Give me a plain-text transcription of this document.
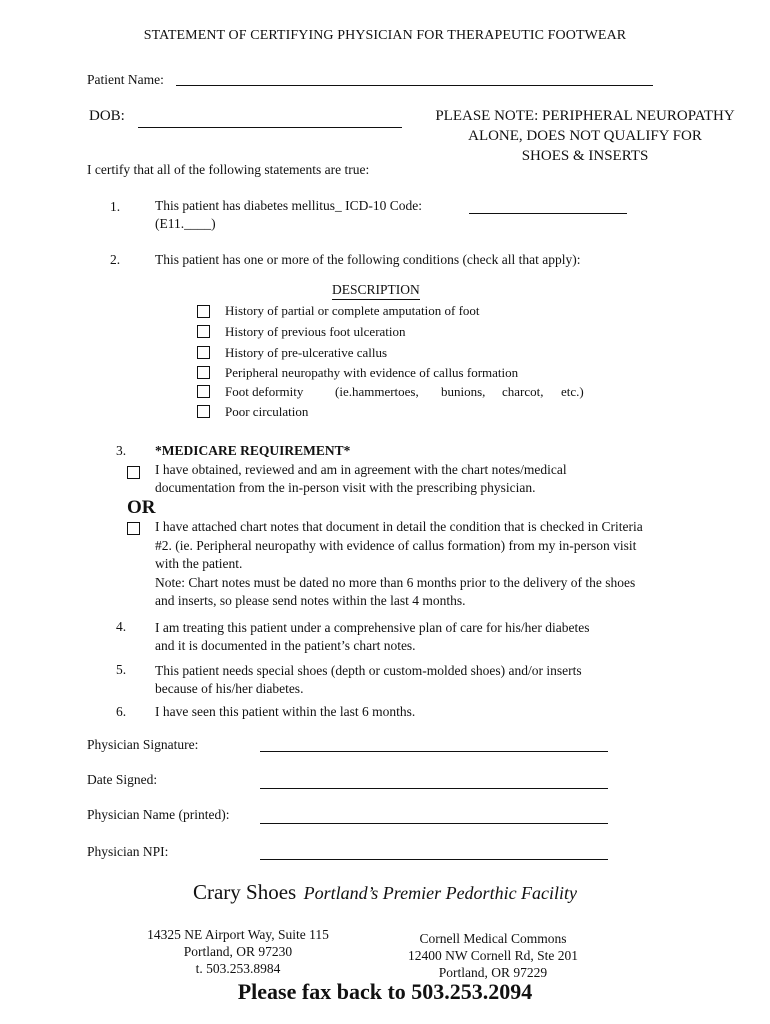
STATEMENT OF CERTIFYING PHYSICIAN FOR THERAPEUTIC FOOTWEAR
Patient Name:
DOB:	PLEASE NOTE: PERIPHERAL NEUROPATHY
ALONE, DOES NOT QUALIFY FOR
SHOES & INSERTS
I certify that all of the following statements are true:
1.	This patient has diabetes mellitus_ ICD-10 Code:
(E11.____)
2.	This patient has one or more of the following conditions (check all that apply):
DESCRIPTION
History of partial or complete amputation of foot
History of previous foot ulceration
History of pre-ulcerative callus
Peripheral neuropathy with evidence of callus formation
Foot deformity (ie.hammertoes, bunions, charcot, etc.)
Poor circulation
3. *MEDICARE REQUIREMENT*
I have obtained, reviewed and am in agreement with the chart notes/medical
documentation from the in-person visit with the prescribing physician.
OR
I have attached chart notes that document in detail the condition that is checked in Criteria
#2. (ie. Peripheral neuropathy with evidence of callus formation) from my in-person visit
with the patient.
Note: Chart notes must be dated no more than 6 months prior to the delivery of the shoes
and inserts, so please send notes within the last 4 months.
4. I am treating this patient under a comprehensive plan of care for his/her diabetes
and it is documented in the patient’s chart notes.
5. This patient needs special shoes (depth or custom-molded shoes) and/or inserts
because of his/her diabetes.
6. I have seen this patient within the last 6 months.
Physician Signature:
Date Signed:
Physician Name (printed):
Physician NPI:
Crary Shoes Portland’s Premier Pedorthic Facility
14325 NE Airport Way, Suite 115
Portland, OR 97230
t. 503.253.8984
Cornell Medical Commons
12400 NW Cornell Rd, Ste 201
Portland, OR 97229
Please fax back to 503.253.2094
